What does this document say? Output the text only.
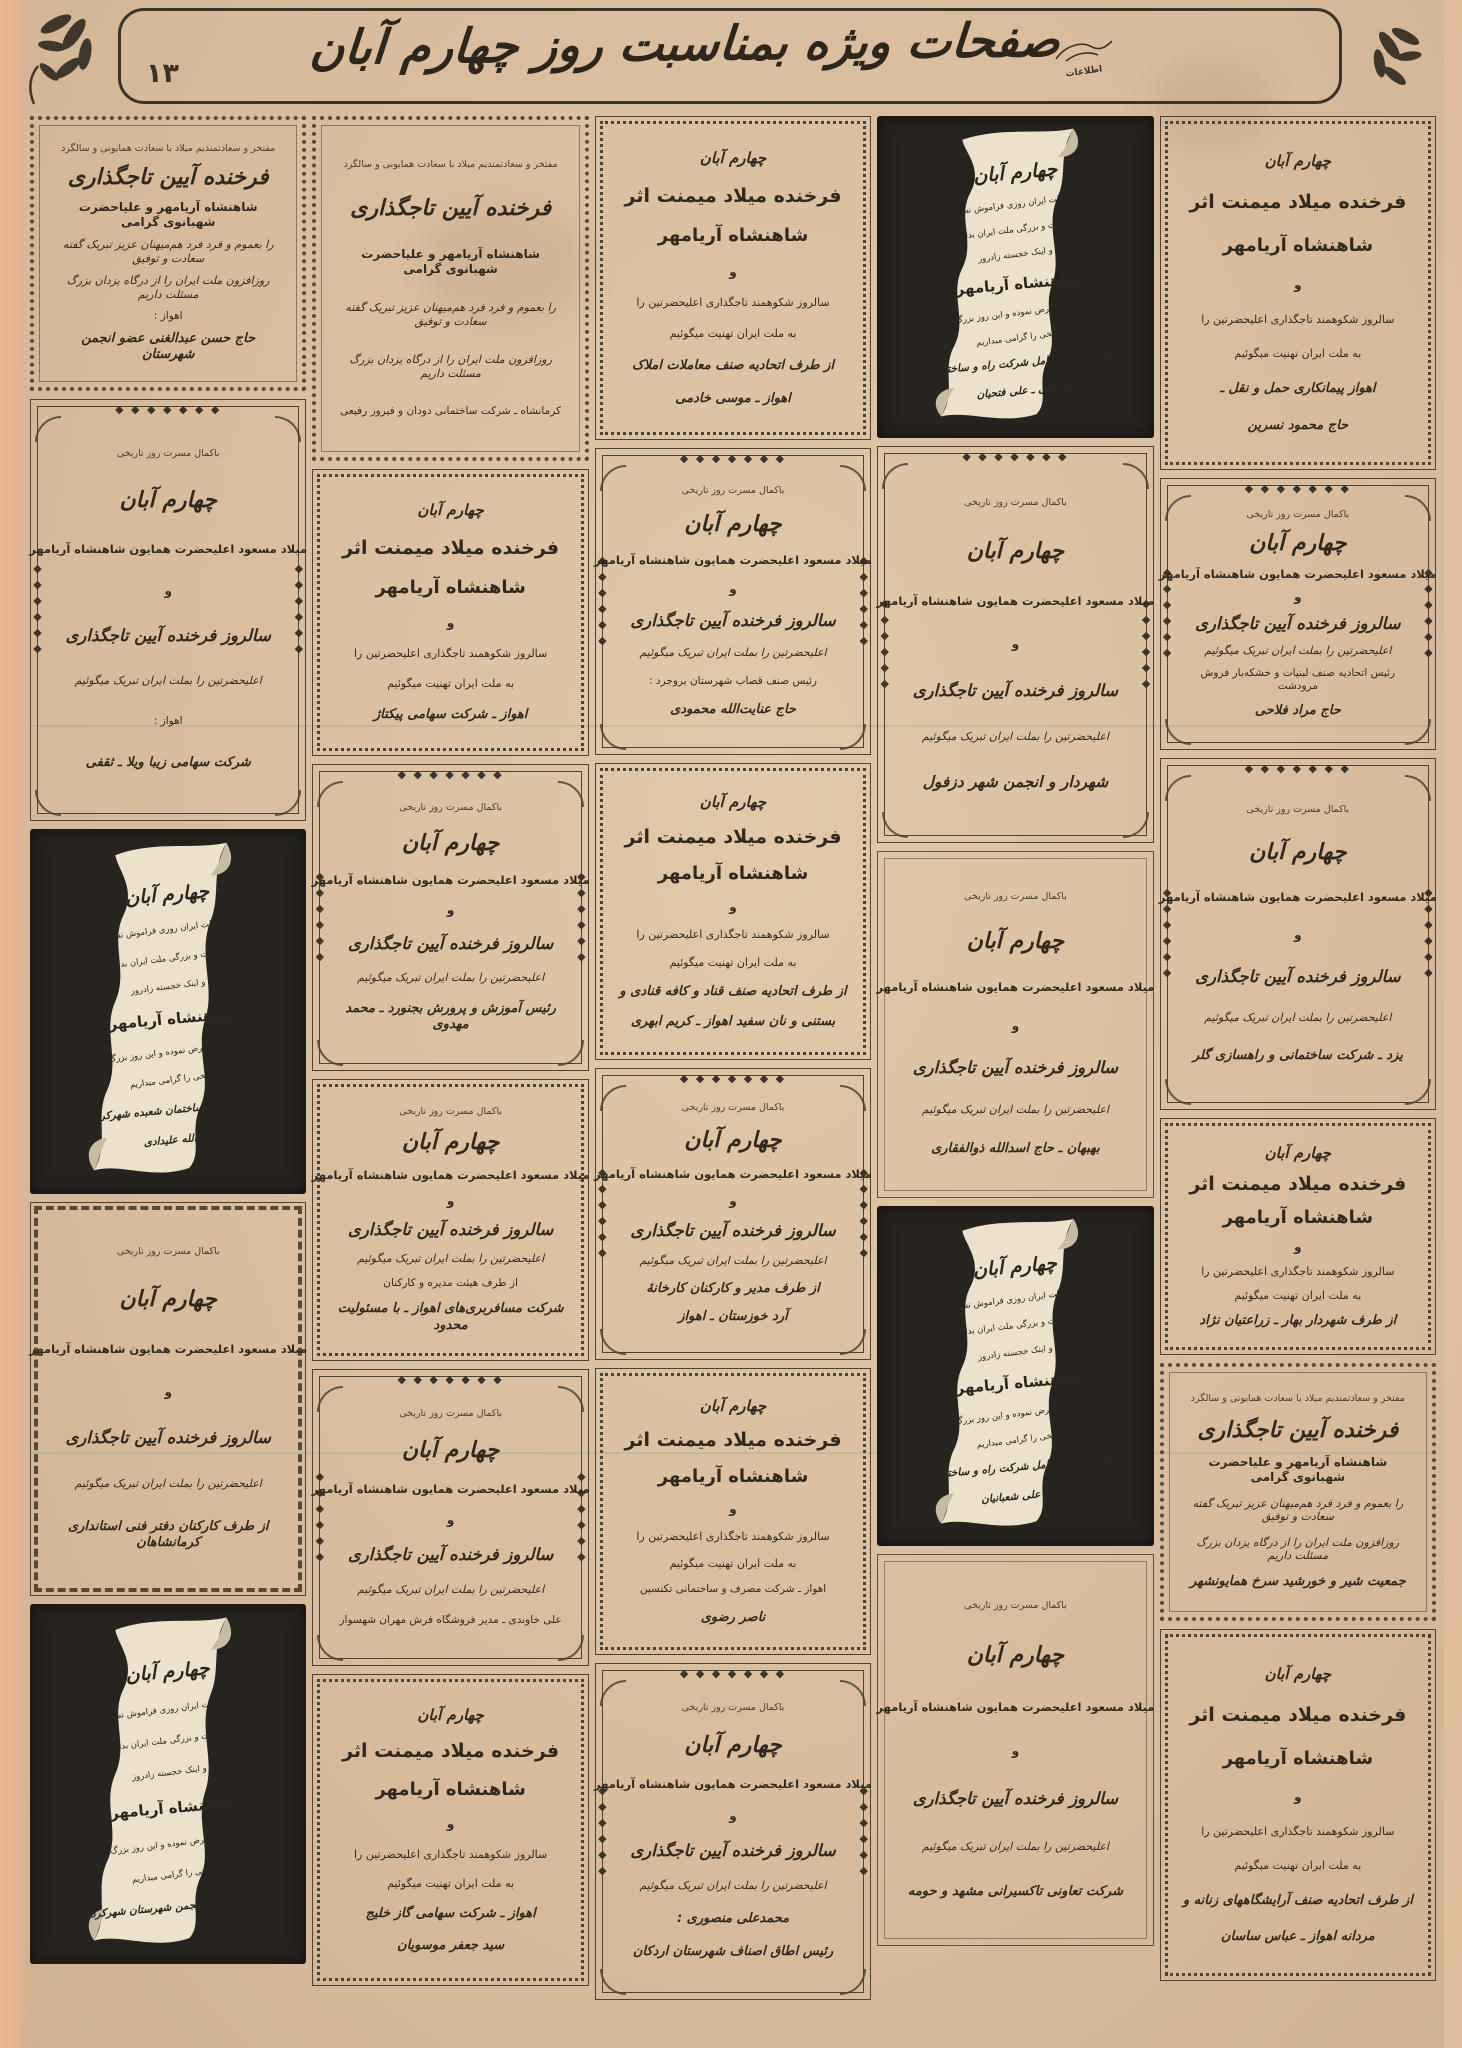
صفحات ویژه بمناسبت روز چهارم آبان اطلاعات
۱۳
مفتخر و سعادتمندیم میلاد با سعادت همایونی و سالگرد
فرخنده آیین تاجگذاری
شاهنشاه آریامهر و علیاحضرت شهبانوی گرامی
را بعموم و فرد فرد هم‌میهنان عزیز تبریک گفته سعادت و توفیق
روزافزون ملت ایران را از درگاه یزدان بزرگ مسئلت داریم
اهواز :
حاج حسن عبدالغنی عضو انجمن شهرستان
◆◆◆◆◆◆	◆◆◆◆◆◆
باکمال مسرت روز تاریخی
چهارم آبان
میلاد مسعود اعلیحضرت همایون شاهنشاه آریامهر
و
سالروز فرخنده آیین تاجگذاری
اعلیحضرتین را بملت ایران تبریک میگوئیم
اهواز :
شرکت سهامی زیبا ویلا ـ ثقفی
◆ ◆ ◆ ◆ ◆ ◆ ◆
چهارم آبان .
در تاریخ ملت ایران روزی فراموش نشدنی است
روزی که سعادت و بزرگی ملت ایران بدان پایه گرفت
و اینک خجسته زادروز
شاهنشاه آریامهر
را تهنیت عرض نموده و این روز بزرگ
و تاریخی را گرامی میداریم
شرکت راه و ساختمان شعبده شهرکرد
سیف‌الله علیدادی
باکمال مسرت روز تاریخی
چهارم آبان
میلاد مسعود اعلیحضرت همایون شاهنشاه آریامهر
و
سالروز فرخنده آیین تاجگذاری
اعلیحضرتین را بملت ایران تبریک میگوئیم
از طرف کارکنان دفتر فنی استانداری کرمانشاهان
چهارم آبان .
در تاریخ ملت ایران روزی فراموش نشدنی است
روزی که سعادت و بزرگی ملت ایران بدان پایه گرفت
و اینک خجسته زادروز
شاهنشاه آریامهر
را تهنیت عرض نموده و این روز بزرگ
و تاریخی را گرامی میداریم
رئیس و اعضای انجمن شهرستان شهرکرد
مفتخر و سعادتمندیم میلاد با سعادت همایونی و سالگرد
فرخنده آیین تاجگذاری
شاهنشاه آریامهر و علیاحضرت شهبانوی گرامی
را بعموم و فرد فرد هم‌میهنان عزیز تبریک گفته سعادت و توفیق
روزافزون ملت ایران را از درگاه یزدان بزرگ مسئلت داریم
کرمانشاه ـ شرکت ساختمانی دودان و فیروز رفیعی
چهارم آبان
فرخنده میلاد میمنت اثر
شاهنشاه آریامهر
و
سالروز شکوهمند تاجگذاری اعلیحضرتین را
به ملت ایران تهنیت میگوئیم
اهواز ـ شرکت سهامی پیکتاژ
◆◆◆◆◆◆	◆◆◆◆◆◆
باکمال مسرت روز تاریخی
چهارم آبان
میلاد مسعود اعلیحضرت همایون شاهنشاه آریامهر
و
سالروز فرخنده آیین تاجگذاری
اعلیحضرتین را بملت ایران تبریک میگوئیم
رئیس آموزش و پرورش بجنورد ـ محمد مهدوی
◆ ◆ ◆ ◆ ◆ ◆ ◆
باکمال مسرت روز تاریخی
چهارم آبان
میلاد مسعود اعلیحضرت همایون شاهنشاه آریامهر
و
سالروز فرخنده آیین تاجگذاری
اعلیحضرتین را بملت ایران تبریک میگوئیم
از طرف هیئت مدیره و کارکنان
شرکت مسافربری‌های اهواز ـ با مسئولیت محدود
◆◆◆◆◆◆	◆◆◆◆◆◆
باکمال مسرت روز تاریخی
چهارم آبان
میلاد مسعود اعلیحضرت همایون شاهنشاه آریامهر
و
سالروز فرخنده آیین تاجگذاری
اعلیحضرتین را بملت ایران تبریک میگوئیم
علی خاوندی ـ مدیر فروشگاه فرش مهران شهسوار
◆ ◆ ◆ ◆ ◆ ◆ ◆
چهارم آبان
فرخنده میلاد میمنت اثر
شاهنشاه آریامهر
و
سالروز شکوهمند تاجگذاری اعلیحضرتین را
به ملت ایران تهنیت میگوئیم
اهواز ـ شرکت سهامی گاز خلیج
سید جعفر موسویان
چهارم آبان
فرخنده میلاد میمنت اثر
شاهنشاه آریامهر
و
سالروز شکوهمند تاجگذاری اعلیحضرتین را
به ملت ایران تهنیت میگوئیم
از طرف اتحادیه صنف معاملات املاک
اهواز ـ موسی خادمی
◆◆◆◆◆◆	◆◆◆◆◆◆
باکمال مسرت روز تاریخی
چهارم آبان
میلاد مسعود اعلیحضرت همایون شاهنشاه آریامهر
و
سالروز فرخنده آیین تاجگذاری
اعلیحضرتین را بملت ایران تبریک میگوئیم
رئیس صنف قصاب شهرستان بروجرد :
حاج عنایت‌الله محمودی
◆ ◆ ◆ ◆ ◆ ◆ ◆
چهارم آبان
فرخنده میلاد میمنت اثر
شاهنشاه آریامهر
و
سالروز شکوهمند تاجگذاری اعلیحضرتین را
به ملت ایران تهنیت میگوئیم
از طرف اتحادیه صنف قناد و کافه قنادی و
بستنی و نان سفید اهواز ـ کریم ابهری
◆◆◆◆◆◆	◆◆◆◆◆◆
باکمال مسرت روز تاریخی
چهارم آبان
میلاد مسعود اعلیحضرت همایون شاهنشاه آریامهر
و
سالروز فرخنده آیین تاجگذاری
اعلیحضرتین را بملت ایران تبریک میگوئیم
از طرف مدیر و کارکنان کارخانهٔ
آرد خوزستان ـ اهواز
◆ ◆ ◆ ◆ ◆ ◆ ◆
چهارم آبان
فرخنده میلاد میمنت اثر
شاهنشاه آریامهر
و
سالروز شکوهمند تاجگذاری اعلیحضرتین را
به ملت ایران تهنیت میگوئیم
اهواز ـ شرکت مصرف و ساختمانی تکنسین
ناصر رضوی
◆◆◆◆◆◆	◆◆◆◆◆◆
باکمال مسرت روز تاریخی
چهارم آبان
میلاد مسعود اعلیحضرت همایون شاهنشاه آریامهر
و
سالروز فرخنده آیین تاجگذاری
اعلیحضرتین را بملت ایران تبریک میگوئیم
محمدعلی منصوری :
رئیس اطاق اصناف شهرستان اردکان
◆ ◆ ◆ ◆ ◆ ◆ ◆
چهارم آبان .
در تاریخ ملت ایران روزی فراموش نشدنی است
روزی که سعادت و بزرگی ملت ایران بدان پایه گرفت
و اینک خجسته زادروز
شاهنشاه آریامهر
را تهنیت عرض نموده و این روز بزرگ
و تاریخی را گرامی میداریم
شهرکرد ـ مدیرعامل شرکت راه و ساختمان
کوهپشتی ـ علی فتحیان
◆◆◆◆◆◆	◆◆◆◆◆◆
باکمال مسرت روز تاریخی
چهارم آبان
میلاد مسعود اعلیحضرت همایون شاهنشاه آریامهر
و
سالروز فرخنده آیین تاجگذاری
اعلیحضرتین را بملت ایران تبریک میگوئیم
شهردار و انجمن شهر دزفول
◆ ◆ ◆ ◆ ◆ ◆ ◆
باکمال مسرت روز تاریخی
چهارم آبان
میلاد مسعود اعلیحضرت همایون شاهنشاه آریامهر
و
سالروز فرخنده آیین تاجگذاری
اعلیحضرتین را بملت ایران تبریک میگوئیم
بهبهان ـ حاج اسدالله ذوالفقاری
چهارم آبان .
در تاریخ ملت ایران روزی فراموش نشدنی است
روزی که سعادت و بزرگی ملت ایران بدان پایه گرفت
و اینک خجسته زادروز
شاهنشاه آریامهر
را تهنیت عرض نموده و این روز بزرگ
و تاریخی را گرامی میداریم
شهرکرد ـ مدیرعامل شرکت راه و ساختمان
فیروز ـ علی شعبانیان
باکمال مسرت روز تاریخی
چهارم آبان
میلاد مسعود اعلیحضرت همایون شاهنشاه آریامهر
و
سالروز فرخنده آیین تاجگذاری
اعلیحضرتین را بملت ایران تبریک میگوئیم
شرکت تعاونی تاکسیرانی مشهد و حومه
چهارم آبان
فرخنده میلاد میمنت اثر
شاهنشاه آریامهر
و
سالروز شکوهمند تاجگذاری اعلیحضرتین را
به ملت ایران تهنیت میگوئیم
اهواز پیمانکاری حمل و نقل ـ
حاج محمود نسرین
◆◆◆◆◆◆	◆◆◆◆◆◆
باکمال مسرت روز تاریخی
چهارم آبان
میلاد مسعود اعلیحضرت همایون شاهنشاه آریامهر
و
سالروز فرخنده آیین تاجگذاری
اعلیحضرتین را بملت ایران تبریک میگوئیم
رئیس اتحادیه صنف لبنیات و خشکه‌بار فروش مرودشت
حاج مراد فلاحی
◆ ◆ ◆ ◆ ◆ ◆ ◆
◆◆◆◆◆◆	◆◆◆◆◆◆
باکمال مسرت روز تاریخی
چهارم آبان
میلاد مسعود اعلیحضرت همایون شاهنشاه آریامهر
و
سالروز فرخنده آیین تاجگذاری
اعلیحضرتین را بملت ایران تبریک میگوئیم
یزد ـ شرکت ساختمانی و راهسازی گلر
◆ ◆ ◆ ◆ ◆ ◆ ◆
چهارم آبان
فرخنده میلاد میمنت اثر
شاهنشاه آریامهر
و
سالروز شکوهمند تاجگذاری اعلیحضرتین را
به ملت ایران تهنیت میگوئیم
از طرف شهردار بهار ـ زراعتیان نژاد
مفتخر و سعادتمندیم میلاد با سعادت همایونی و سالگرد
فرخنده آیین تاجگذاری
شاهنشاه آریامهر و علیاحضرت شهبانوی گرامی
را بعموم و فرد فرد هم‌میهنان عزیز تبریک گفته سعادت و توفیق
روزافزون ملت ایران را از درگاه یزدان بزرگ مسئلت داریم
جمعیت شیر و خورشید سرخ همایونشهر
چهارم آبان
فرخنده میلاد میمنت اثر
شاهنشاه آریامهر
و
سالروز شکوهمند تاجگذاری اعلیحضرتین را
به ملت ایران تهنیت میگوئیم
از طرف اتحادیه صنف آرایشگاههای زنانه و
مردانه اهواز ـ عباس ساسان
